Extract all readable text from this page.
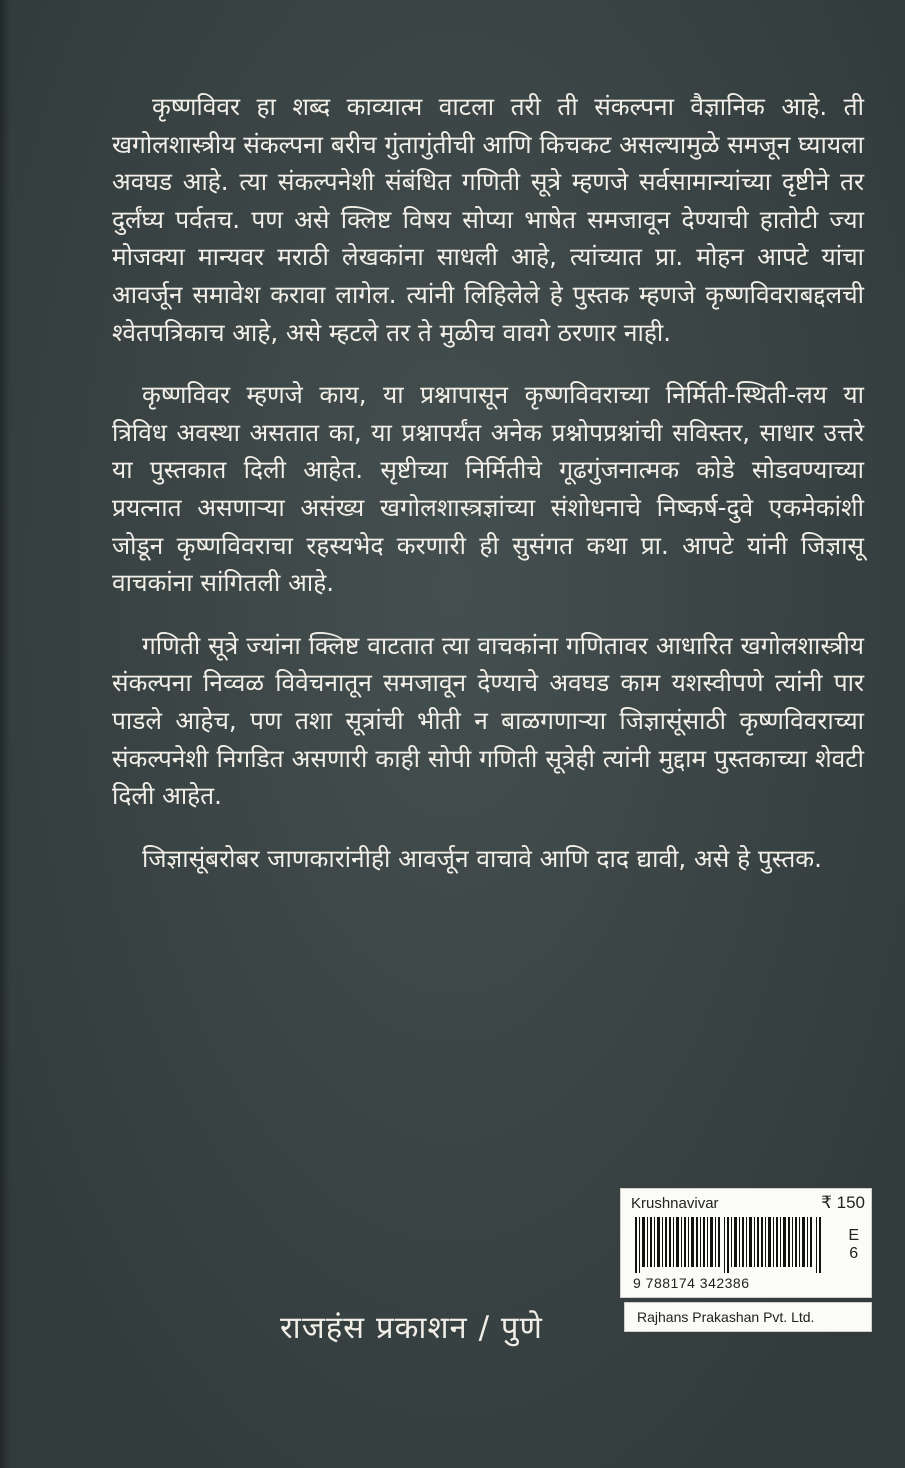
कृष्णविवर हा शब्द काव्यात्म वाटला तरी ती संकल्पना वैज्ञानिक आहे. ती खगोलशास्त्रीय संकल्पना बरीच गुंतागुंतीची आणि किचकट असल्यामुळे समजून घ्यायला अवघड आहे. त्या संकल्पनेशी संबंधित गणिती सूत्रे म्हणजे सर्वसामान्यांच्या दृष्टीने तर दुर्लंघ्य पर्वतच. पण असे क्लिष्ट विषय सोप्या भाषेत समजावून देण्याची हातोटी ज्या मोजक्या मान्यवर मराठी लेखकांना साधली आहे, त्यांच्यात प्रा. मोहन आपटे यांचा आवर्जून समावेश करावा लागेल. त्यांनी लिहिलेले हे पुस्तक म्हणजे कृष्णविवराबद्दलची श्वेतपत्रिकाच आहे, असे म्हटले तर ते मुळीच वावगे ठरणार नाही.

कृष्णविवर म्हणजे काय, या प्रश्नापासून कृष्णविवराच्या निर्मिती-स्थिती-लय या त्रिविध अवस्था असतात का, या प्रश्नापर्यंत अनेक प्रश्नोपप्रश्नांची सविस्तर, साधार उत्तरे या पुस्तकात दिली आहेत. सृष्टीच्या निर्मितीचे गूढगुंजनात्मक कोडे सोडवण्याच्या प्रयत्नात असणाऱ्या असंख्य खगोलशास्त्रज्ञांच्या संशोधनाचे निष्कर्ष-दुवे एकमेकांशी जोडून कृष्णविवराचा रहस्यभेद करणारी ही सुसंगत कथा प्रा. आपटे यांनी जिज्ञासू वाचकांना सांगितली आहे.

गणिती सूत्रे ज्यांना क्लिष्ट वाटतात त्या वाचकांना गणितावर आधारित खगोलशास्त्रीय संकल्पना निव्वळ विवेचनातून समजावून देण्याचे अवघड काम यशस्वीपणे त्यांनी पार पाडले आहेच, पण तशा सूत्रांची भीती न बाळगणाऱ्या जिज्ञासूंसाठी कृष्णविवराच्या संकल्पनेशी निगडित असणारी काही सोपी गणिती सूत्रेही त्यांनी मुद्दाम पुस्तकाच्या शेवटी दिली आहेत.

जिज्ञासूंबरोबर जाणकारांनीही आवर्जून वाचावे आणि दाद द्यावी, असे हे पुस्तक.

राजहंस प्रकाशन / पुणे
Krushnavivar	₹ 150
9 788174 342386
E
6
Rajhans Prakashan Pvt. Ltd.
